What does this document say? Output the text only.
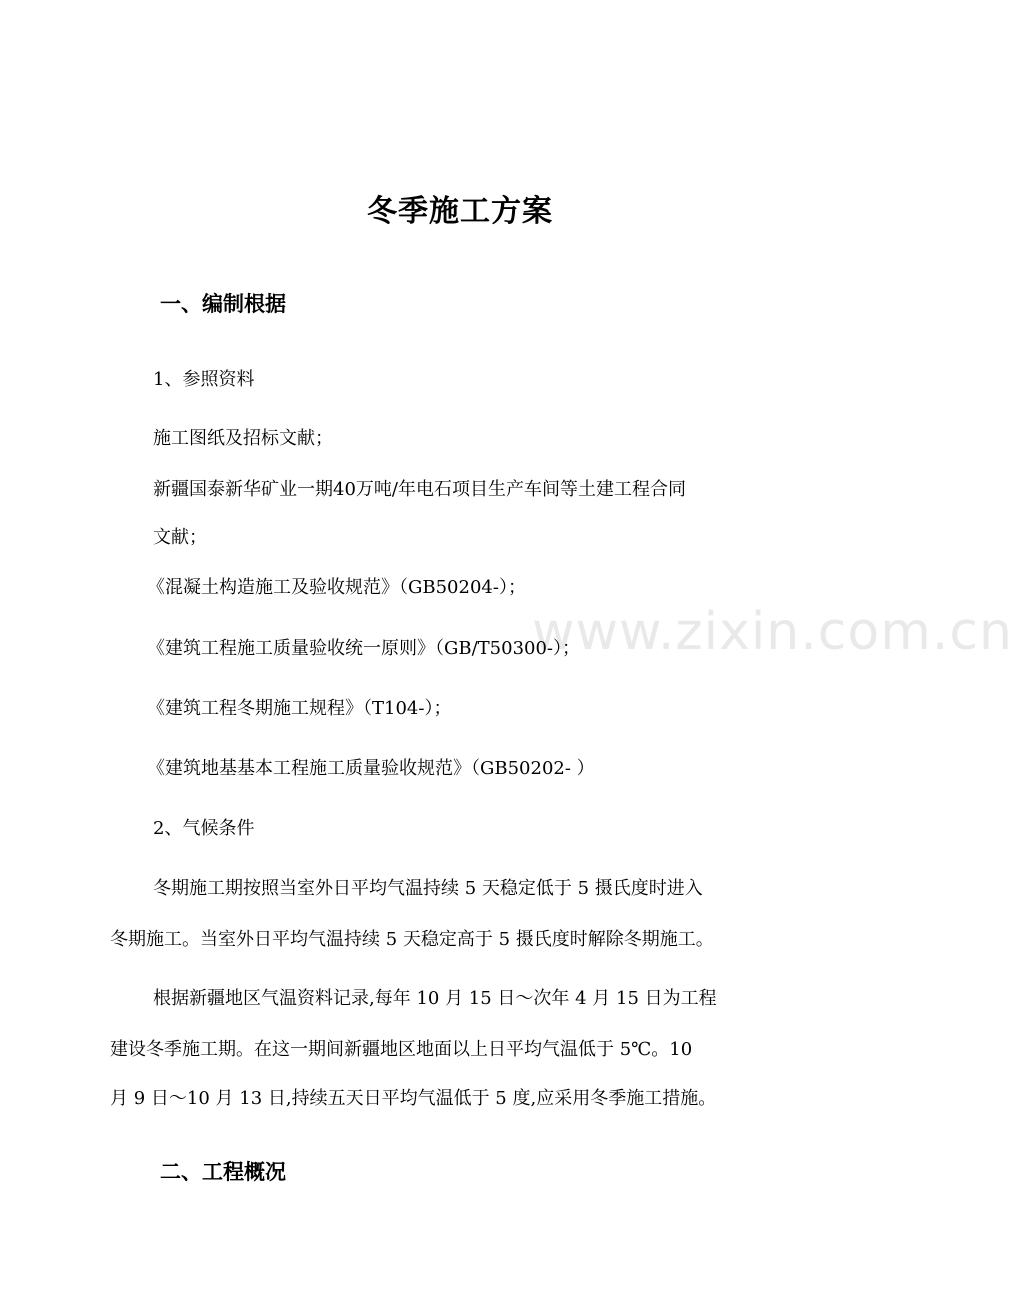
www.zixin.com.cn
冬季施工方案
一、编制根据
1、参照资料
施工图纸及招标文献；
新疆国泰新华矿业一期40万吨/年电石项目生产车间等土建工程合同
文献；
《混凝土构造施工及验收规范》（GB50204-）；
《建筑工程施工质量验收统一原则》（GB/T50300-）；
《建筑工程冬期施工规程》（T104-）；
《建筑地基基本工程施工质量验收规范》（GB50202- ）
2、气候条件
冬期施工期按照当室外日平均气温持续 5 天稳定低于 5 摄氏度时进入
冬期施工。当室外日平均气温持续 5 天稳定高于 5 摄氏度时解除冬期施工。
根据新疆地区气温资料记录,每年 10 月 15 日～次年 4 月 15 日为工程
建设冬季施工期。在这一期间新疆地区地面以上日平均气温低于 5℃。10
月 9 日～10 月 13 日,持续五天日平均气温低于 5 度,应采用冬季施工措施。
二、工程概况
